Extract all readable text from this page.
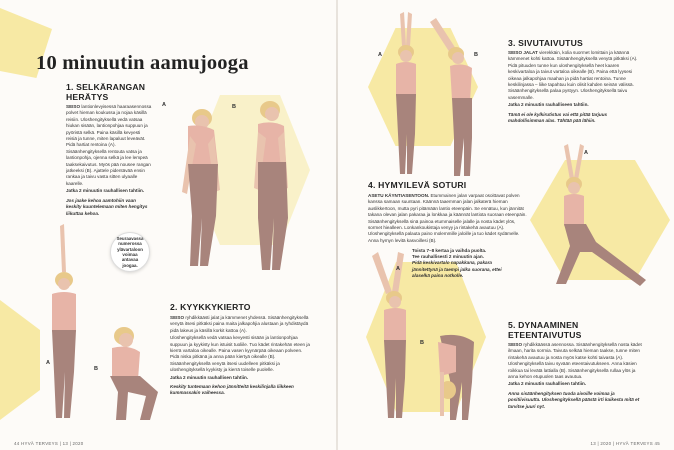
10 minuutin aamujooga
1. SELKÄRANGAN
HERÄTYS

SEISO lantionlevyisessä haaraasennossa polvet hieman koukussa ja nojaa käsillä reisiin. Uloshengityksellä vedä vatsaa hiukan sisään, lantionpohjaa suppuun ja pyöristä selkä. Paina käsillä kevyesti reisiä ja tunne, miten lapaluut leveävät. Pidä hartiat rentoina (A). Sisäänhengityksellä rentouta vatsa ja lantionpohja, ojenna selkä ja lee lempeä taaksekaivutus. Myös pää nousee rangan jatkeeksi (B). Ajattele pidentävää ensin rankaa ja taivu vasta sitten ulyaalle kaarelle.

Jatka 2 minuutin rauhallisen tahtiin.

Jos jaake kehoa aamtohiin vaan keskity kuuntelemaan miten hengitys liikuttaa kehoa.

Seuraavassa numerossa ylävartaloon voimaa antavaa joogaa.
2. KYYKKYKIERTO

SEISO ryhdikkäästi jalat ja kämmenet yhdessä. Sisäänhengityksellä venytä itsesi pitkäksi paina maita jalkapohjia alustaan ja ryhdistäydä pidä lakeus ja käsillä korkit kattoa (A).

Uloshengityksellä vedä vatsaa kevyesti sisään ja lantionpohjaa suppuun ja kyykisty kun istuisit tuoliile. Tuo kädet rintakehän eteen ja kierrä vartaloa oikealle. Paina vasen kyynärpää oikeaan polveen. Pidä niska pitkänä ja anna pään kiertyä oikealle (B). Sisäänhengityksellä venytä itsesi uudelleen pitkäksi ja uloshengityksellä kyykisty ja kierrä toiselle puolelle.

Jatka 2 minuutin rauhallisen tahtiin.

Keskity tuntemaan kehon jännitteitä keskilinjalla liikkeen kummassakin vaiheessa.

3. SIVUTAIVUTUS

SEISO JALAT vierekkäin, kolia suormet lomittain ja käännä kämmenet kohti kattoa. Sisäänhengityksellä venytä pitkäksi (A). Pidä pituuden tunne kun uloshengityksellä heet kaaren keskivartaloa ja taivut vartaloa oikealle (B). Paina että lyysesi oikeaa jalkapohjaa maahan ja pidä hartiat rentoina. Tunne keskilinjassa – liike tapahtuu kuin olisit kahden seinän välissä. Sisäänhengityksellä palaa pystyyn. Uloshengityksellä taivu vasemmalle.

Jatka 2 minuutin rauhalliseen tahtiin.

Tämä ei ole kylkirutistus vai että pitää tarjuus mahdollisimman alas. Tähtää pää lähiin.

4. HYMYILEVÄ SOTURI

ASETU KÄYNTIASENTOON. Etummainen jalan varpaat osoittavat polven kanssa samaan suuntaan. Käännä taaemman jalan jalkaterä hieman auslikkertoon, mutta pyri pitämään lantio eteenpäin. Se ennätuu, kun jännität takana olevan jalan pakaraa ja lonkkaa ja käännät lantiota suoraan eteenpäin. Sisäänhengityksellä sinä painoa etummaiselle jalalle ja nosta kädet ylös, sormet hiealleen. Lonkankoukistaja venyy ja rintakehä avautuu (A). Uloshengityksellä palauta paino molemmille jaloille ja tuo kädet sydämelle. Anna hymyn levitä kasvoillesi (B).

Toista 7–8 kertaa ja vaihda puolta.
Tee rauhallisesti 2 minuutin ajan.
Pidä keskivartalo napakkana, pakara jännitettynä ja taempi jalka suorana, ettei alaselkä paina notkolle.
5. DYNAAMINEN
ETEENTAIVUTUS

SEISO ryhdikkäässä asennossa. Sisäänhengityksellä nosta kädet ilmaan, harita sormia. Taivuta selkää hieman taakse, tunne miten rintakehä avautuu ja nosta myös katse kohti taivasta (A). Uloshengityksellä taivu syvään eteentaivutukseen. Anna käsien roikkua tai levätä lattialla (B). Sisäänhengityksellä rullaa ylös ja anna kehon etupuolen taas avautua.

Jatka 2 minuutin rauhallisen tahtiin.

Anna sisäänhengityksen tuoda aivoille voimaa ja positiivisuutta. Uloshengityksellä päästä irti kaikesta mitä et tarvitse juuri nyt.

A	B
A
B
A	B
A
A
B
44 HYVÄ TERVEYS | 13 | 2020	13 | 2020 | HYVÄ TERVEYS 45
